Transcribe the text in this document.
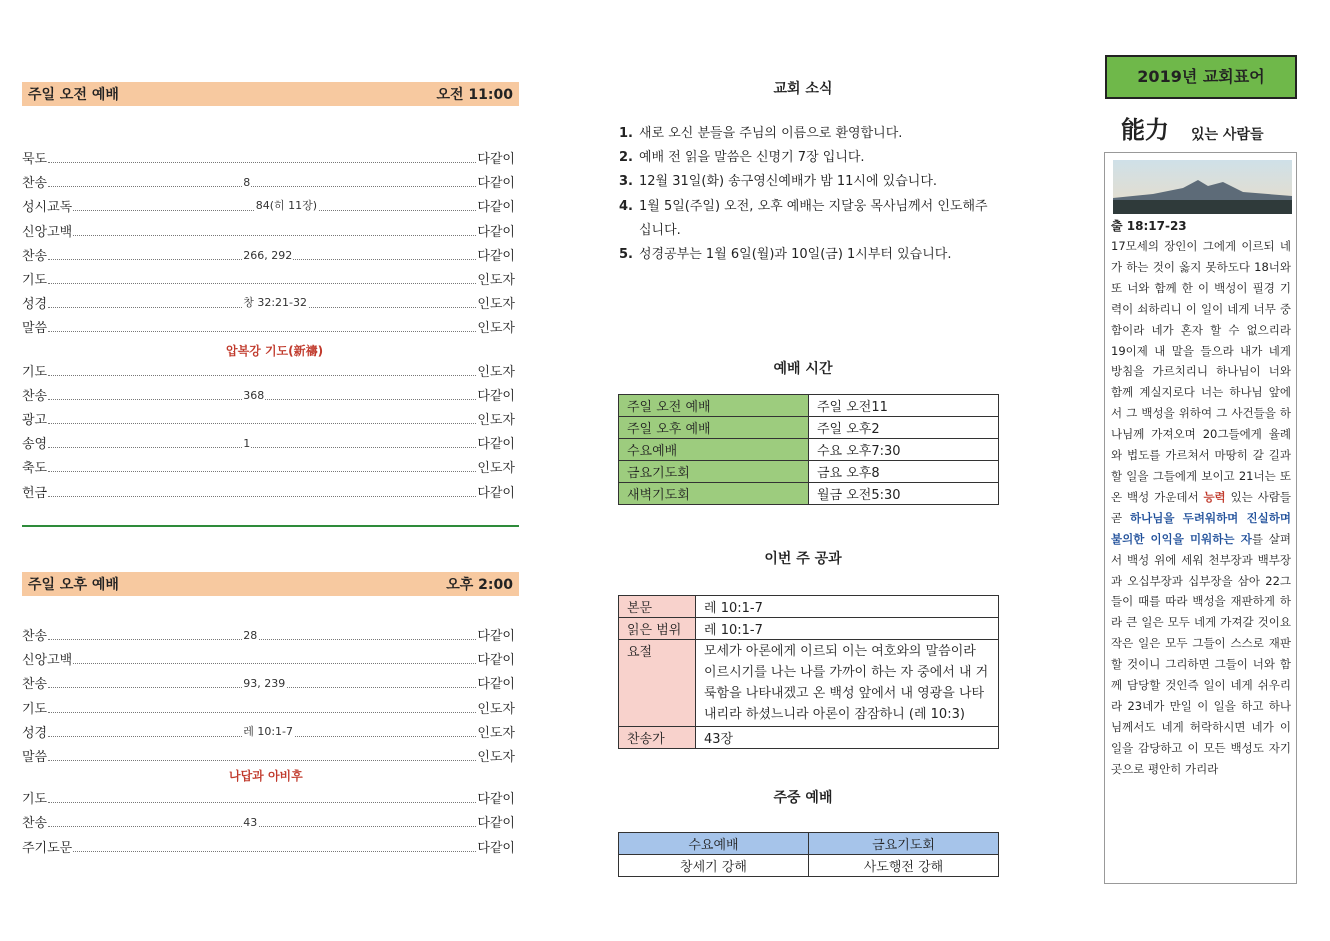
주일 오전 예배	오전 11:00
묵도	다같이
찬송	8	다같이
성시교독	84(히 11장)	다같이
신앙고백	다같이
찬송	266, 292	다같이
기도	인도자
성경	창 32:21-32	인도자
말씀	인도자
기도	인도자
찬송	368	다같이
광고	인도자
송영	1	다같이
축도	인도자
헌금	다같이
압복강 기도(新禱)
주일 오후 예배	오후 2:00
찬송	28	다같이
신앙고백	다같이
찬송	93, 239	다같이
기도	인도자
성경	레 10:1-7	인도자
말씀	인도자
기도	다같이
찬송	43	다같이
주기도문	다같이
나답과 아비후
교회 소식
1. 새로 오신 분들을 주님의 이름으로 환영합니다.
2. 예배 전 읽을 말씀은 신명기 7장 입니다.
3. 12월 31일(화) 송구영신예배가 밤 11시에 있습니다.
4. 1월 5일(주일) 오전, 오후 예배는 지달웅 목사님께서 인도해주십니다.
5. 성경공부는 1월 6일(월)과 10일(금) 1시부터 있습니다.
예배 시간
주일 오전 예배	주일 오전11
주일 오후 예배	주일 오후2
수요예배	수요 오후7:30
금요기도회	금요 오후8
새벽기도회	월금 오전5:30
이번 주 공과
본문	레 10:1-7
읽은 범위	레 10:1-7
요절	모세가 아론에게 이르되 이는 여호와의 말씀이라 이르시기를 나는 나를 가까이 하는 자 중에서 내 거룩함을 나타내겠고 온 백성 앞에서 내 영광을 나타내리라 하셨느니라 아론이 잠잠하니 (레 10:3)
찬송가	43장
주중 예배
수요예배	금요기도회
창세기 강해	사도행전 강해
2019년 교회표어
能力 있는 사람들
출 18:17-23
17모세의 장인이 그에게 이르되 네가 하는 것이 옳지 못하도다 18너와 또 너와 함께 한 이 백성이 필경 기력이 쇠하리니 이 일이 네게 너무 중함이라 네가 혼자 할 수 없으리라 19이제 내 말을 들으라 내가 네게 방침을 가르치리니 하나님이 너와 함께 계실지로다 너는 하나님 앞에서 그 백성을 위하여 그 사건들을 하나님께 가져오며 20그들에게 율례와 법도를 가르쳐서 마땅히 갈 길과 할 일을 그들에게 보이고 21너는 또 온 백성 가운데서 능력 있는 사람들 곧 하나님을 두려워하며 진실하며 불의한 이익을 미워하는 자를 살펴서 백성 위에 세워 천부장과 백부장과 오십부장과 십부장을 삼아 22그들이 때를 따라 백성을 재판하게 하라 큰 일은 모두 네게 가져갈 것이요 작은 일은 모두 그들이 스스로 재판할 것이니 그리하면 그들이 너와 함께 담당할 것인즉 일이 네게 쉬우리라 23네가 만일 이 일을 하고 하나님께서도 네게 허락하시면 네가 이 일을 감당하고 이 모든 백성도 자기 곳으로 평안히 가리라
